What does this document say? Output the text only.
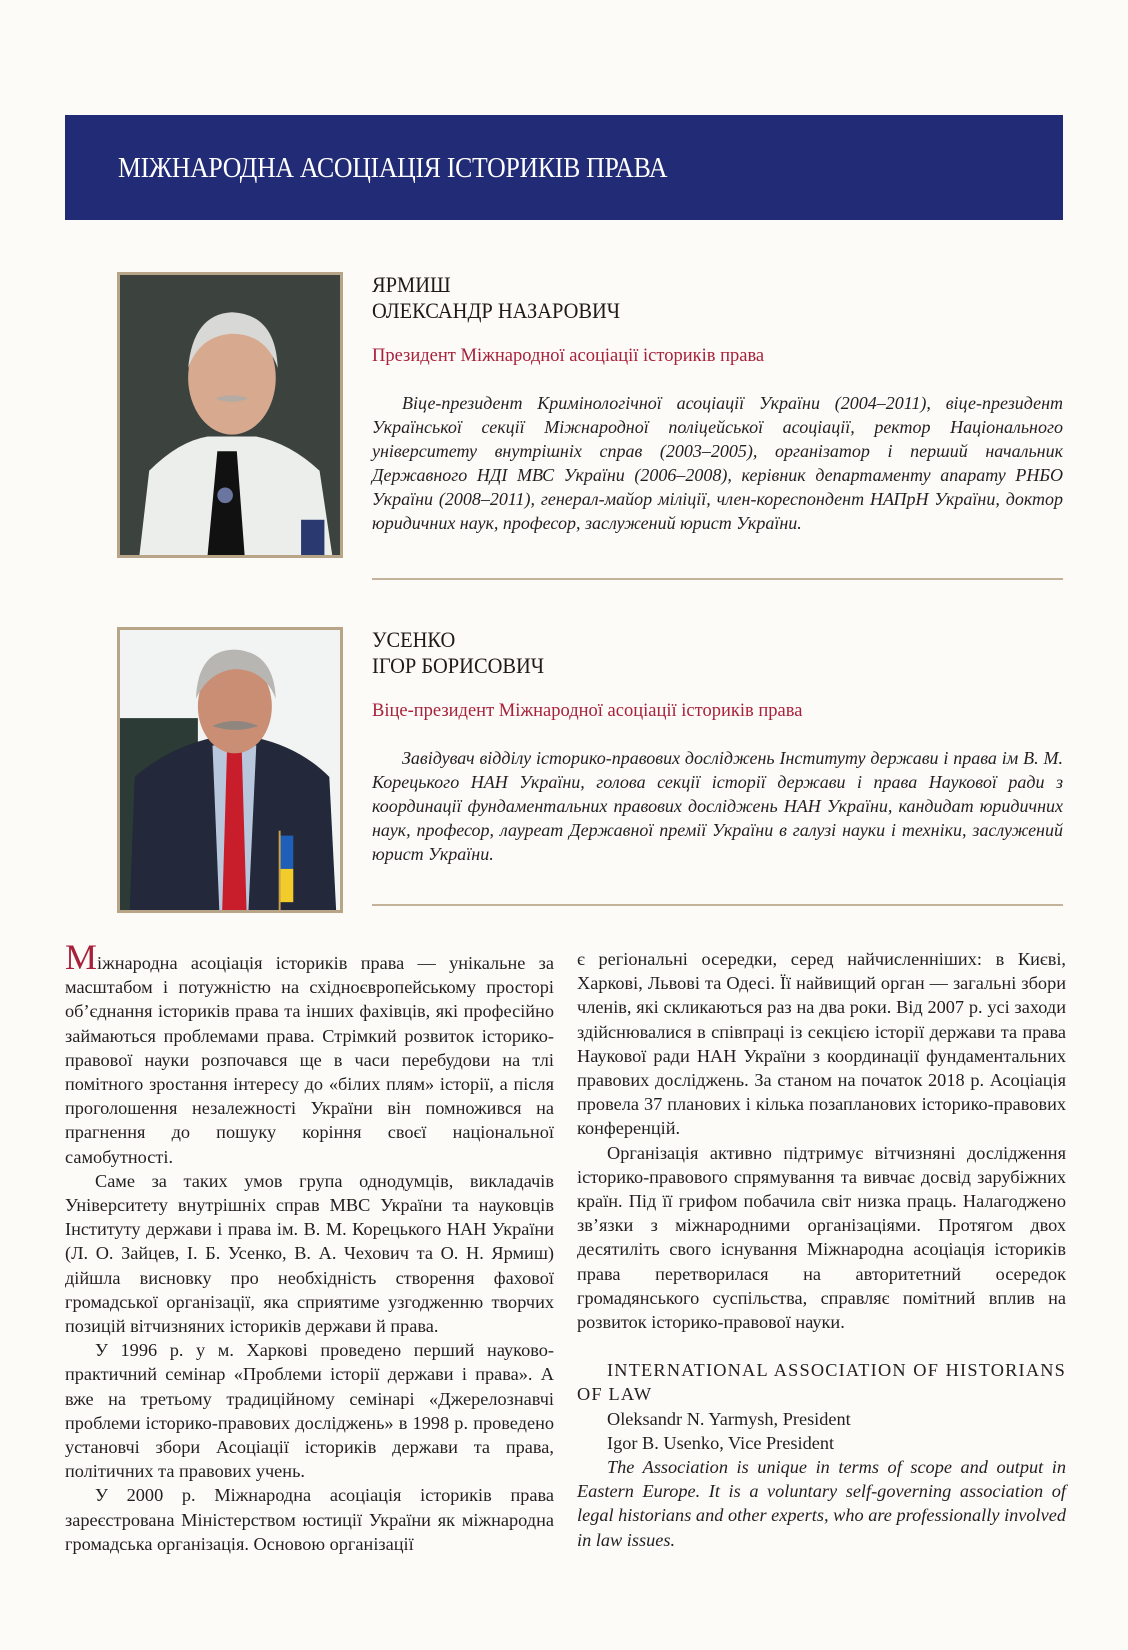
МІЖНАРОДНА АСОЦІАЦІЯ ІСТОРИКІВ ПРАВА
ЯРМИШ
ОЛЕКСАНДР НАЗАРОВИЧ
Президент Міжнародної асоціації істориків права
Віце-президент Кримінологічної асоціації України (2004–2011), віце-президент Української секції Міжнародної поліцейської асоціації, ректор Національного університету внутрішніх справ (2003–2005), організатор і перший начальник Державного НДІ МВС України (2006–2008), керівник департаменту апарату РНБО України (2008–2011), генерал-майор міліції, член-кореспондент НАПрН України, доктор юридичних наук, професор, заслужений юрист України.
УСЕНКО
ІГОР БОРИСОВИЧ
Віце-президент Міжнародної асоціації істориків права
Завідувач відділу історико-правових досліджень Інституту держави і права ім В. М. Корецького НАН України, голова секції історії держави і права Наукової ради з координації фундаментальних правових досліджень НАН України, кандидат юридичних наук, професор, лауреат Державної премії України в галузі науки і техніки, заслужений юрист України.

Міжнародна асоціація істориків права — унікальне за масштабом і потужністю на східноєвропейському просторі об’єднання істориків права та інших фахівців, які професійно займаються проблемами права. Стрімкий розвиток історико-правової науки розпочався ще в часи перебудови на тлі помітного зростання інтересу до «білих плям» історії, а після проголошення незалежності України він помножився на прагнення до пошуку коріння своєї національної самобутності.

Саме за таких умов група однодумців, викладачів Університету внутрішніх справ МВС України та науковців Інституту держави і права ім. В. М. Корецького НАН України (Л. О. Зайцев, І. Б. Усенко, В. А. Чехович та О. Н. Ярмиш) дійшла висновку про необхідність створення фахової громадської організації, яка сприятиме узгодженню творчих позицій вітчизняних істориків держави й права.

У 1996 р. у м. Харкові проведено перший науково-практичний семінар «Проблеми історії держави і права». А вже на третьому традиційному семінарі «Джерелознавчі проблеми історико-правових досліджень» в 1998 р. проведено установчі збори Асоціації істориків держави та права, політичних та правових учень.

У 2000 р. Міжнародна асоціація істориків права зареєстрована Міністерством юстиції України як міжнародна громадська організація. Основою організації

є регіональні осередки, серед найчисленніших: в Києві, Харкові, Львові та Одесі. Її найвищий орган — загальні збори членів, які скликаються раз на два роки. Від 2007 р. усі заходи здійснювалися в співпраці із секцією історії держави та права Наукової ради НАН України з координації фундаментальних правових досліджень. За станом на початок 2018 р. Асоціація провела 37 планових і кілька позапланових історико-правових конференцій.

Організація активно підтримує вітчизняні дослідження історико-правового спрямування та вивчає досвід зарубіжних країн. Під її грифом побачила світ низка праць. Налагоджено зв’язки з міжнародними організаціями. Протягом двох десятиліть свого існування Міжнародна асоціація істориків права перетворилася на авторитетний осередок громадянського суспільства, справляє помітний вплив на розвиток історико-правової науки.

INTERNATIONAL ASSOCIATION OF HISTORIANS OF LAW

Oleksandr N. Yarmysh, President

Igor B. Usenko, Vice President

The Association is unique in terms of scope and output in Eastern Europe. It is a voluntary self-governing association of legal historians and other experts, who are professionally involved in law issues.
